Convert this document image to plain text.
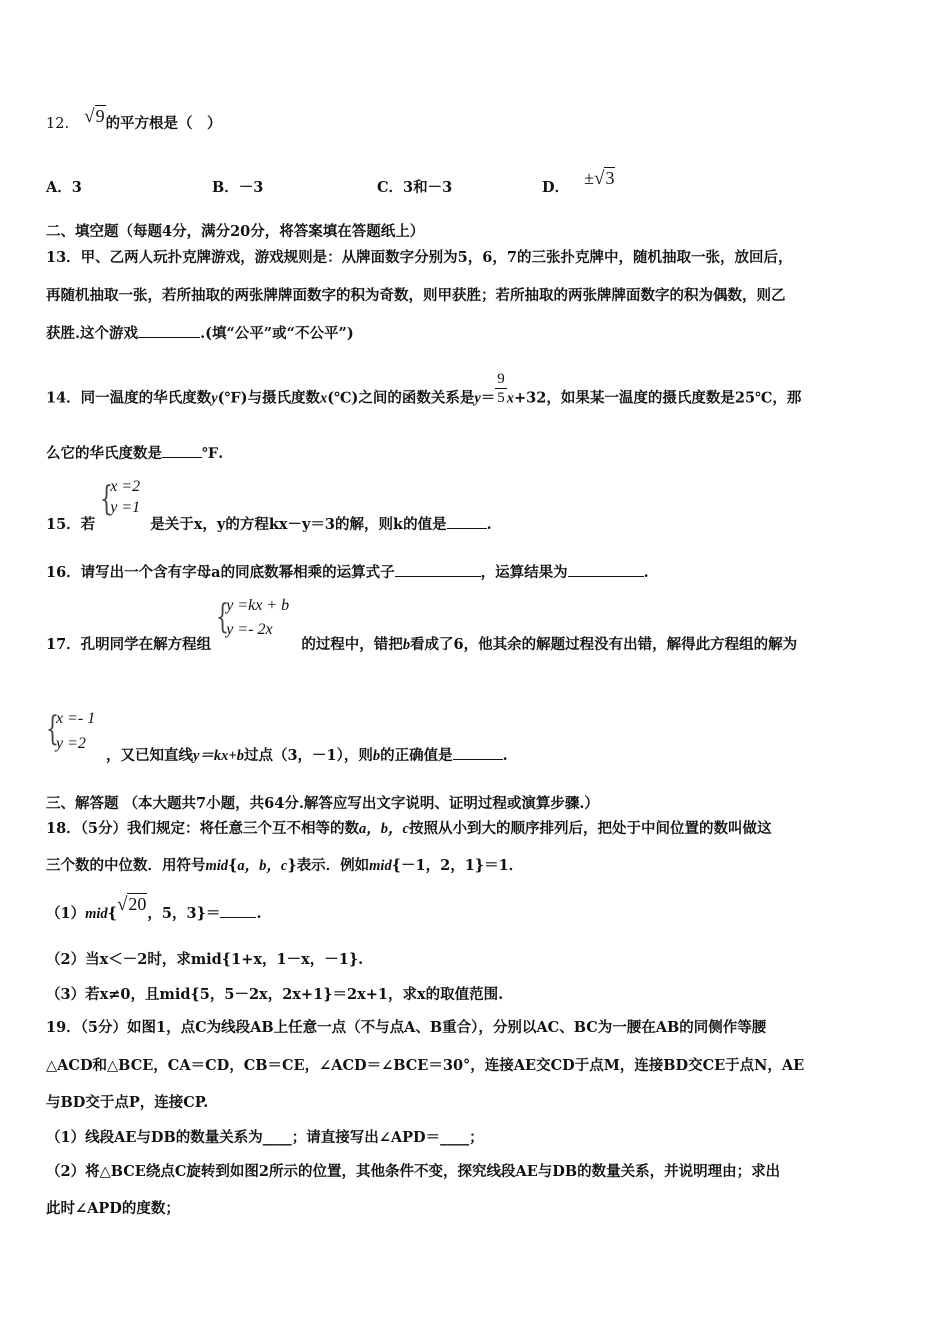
12. √9的平方根是（　）
A．3	B．－3	C．3和－3	D． ±√3
二、填空题（每题4分，满分20分，将答案填在答题纸上）
13．甲、乙两人玩扑克牌游戏，游戏规则是：从牌面数字分别为5，6，7的三张扑克牌中，随机抽取一张，放回后，
再随机抽取一张，若所抽取的两张牌牌面数字的积为奇数，则甲获胜；若所抽取的两张牌牌面数字的积为偶数，则乙
获胜.这个游戏	.(填“公平”或“不公平”)
14．同一温度的华氏度数y(℉)与摄氏度数x(℃)之间的函数关系是$y= \frac{9}{5} x+32$，如果某一温度的摄氏度数是25℃，那
么它的华氏度数是	℉.
15．若
{
x =2
y =1
是关于x，y的方程kx－y＝3的解，则k的值是	.
16．请写出一个含有字母a的同底数幂相乘的运算式子	，运算结果为	.
17．孔明同学在解方程组
{
y =kx + b
y =- 2x
的过程中，错把b看成了6，他其余的解题过程没有出错，解得此方程组的解为
{
x =- 1
y =2
，又已知直线y＝kx+b过点（3，－1），则b的正确值是	.
三、解答题 （本大题共7小题，共64分.解答应写出文字说明、证明过程或演算步骤.）
18．（5分）我们规定：将任意三个互不相等的数a，b，c按照从小到大的顺序排列后，把处于中间位置的数叫做这
三个数的中位数．用符号mid{a，b，c}表示．例如mid{－1，2，1}＝1．
（1）mid{√20，5，3}＝ .
（2）当x＜－2时，求mid{1+x，1－x，－1}.
（3）若x≠0，且mid{5，5－2x，2x+1}＝2x+1，求x的取值范围.
19．（5分）如图1，点C为线段AB上任意一点（不与点A、B重合），分别以AC、BC为一腰在AB的同侧作等腰
△ACD和△BCE，CA＝CD，CB＝CE，∠ACD＝∠BCE＝30°，连接AE交CD于点M，连接BD交CE于点N，AE
与BD交于点P，连接CP.
（1）线段AE与DB的数量关系为____；请直接写出∠APD＝____；
（2）将△BCE绕点C旋转到如图2所示的位置，其他条件不变，探究线段AE与DB的数量关系，并说明理由；求出
此时∠APD的度数；
